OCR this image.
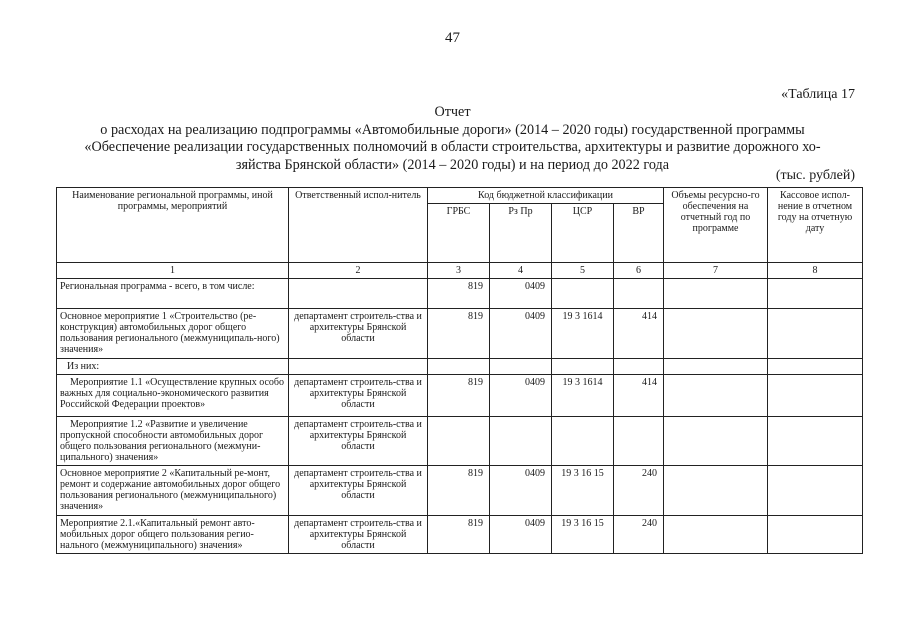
47
«Таблица 17
Отчет
о расходах на реализацию подпрограммы «Автомобильные дороги» (2014 – 2020 годы) государственной программы
«Обеспечение реализации государственных полномочий в области строительства, архитектуры и развитие дорожного хо-
зяйства Брянской области» (2014 – 2020 годы) и на период до 2022 года
(тыс. рублей)
Наименование региональной программы, иной программы, мероприятий	Ответственный испол-нитель	Код бюджетной классификации				Объемы ресурсно-го обеспечения на отчетный год по программе	Кассовое испол-нение в отчетном году на отчетную дату
		ГРБС	Рз Пр	ЦСР	ВР		
1	2	3	4	5	6	7	8
Региональная программа - всего, в том числе:		819	0409				
Основное мероприятие 1 «Строительство (ре-конструкция) автомобильных дорог общего пользования регионального (межмуниципаль-ного) значения»	департамент строитель-ства и архитектуры Брянской области	819	0409	19 3 1614	414		
Из них:							
Мероприятие 1.1 «Осуществление крупных особо важных для социально-экономического развития Российской Федерации проектов»	департамент строитель-ства и архитектуры Брянской области	819	0409	19 3 1614	414		
Мероприятие 1.2 «Развитие и увеличение пропускной способности автомобильных дорог общего пользования регионального (межмуни-ципального) значения»	департамент строитель-ства и архитектуры Брянской области						
Основное мероприятие 2 «Капитальный ре-монт, ремонт и содержание автомобильных дорог общего пользования регионального (межмуниципального) значения»	департамент строитель-ства и архитектуры Брянской области	819	0409	19 3 16 15	240		
Мероприятие 2.1.«Капитальный ремонт авто-мобильных дорог общего пользования регио-нального (межмуниципального) значения»	департамент строитель-ства и архитектуры Брянской области	819	0409	19 3 16 15	240		
